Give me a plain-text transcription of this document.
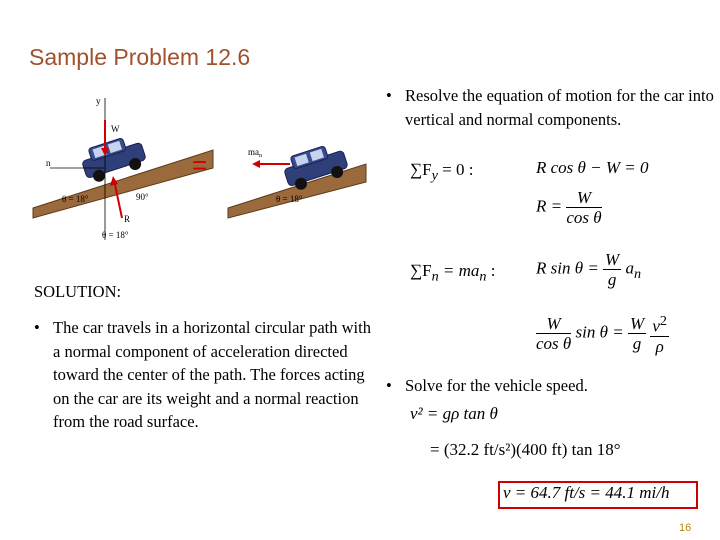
Sample Problem 12.6
y
n
W
R
θ = 18°	90°
θ = 18°
=	$ma_n$
θ = 18°
• Resolve the equation of motion for the car into vertical and normal components.
$\sum F_y = 0$ :	R cos θ − W = 0
$R = \frac{W}{\text{cos θ}}$
$\sum F_n = ma_n$ : R $\sin \theta = \frac{W}{g} a_n$
SOLUTION:
$\frac{W}{\text{cos θ}}$ $\sin \theta = \frac{W}{g}$
$\frac{v^2}{\rho}$
• The car travels in a horizontal circular path with a normal component of acceleration directed toward the center of the path. The forces acting on the car are its weight and a normal reaction from the road surface.
• Solve for the vehicle speed.
v² = gρ tan θ
= (32.2 ft/s²)(400 ft) tan 18°
v = 64.7 ft/s = 44.1 mi/h
16
